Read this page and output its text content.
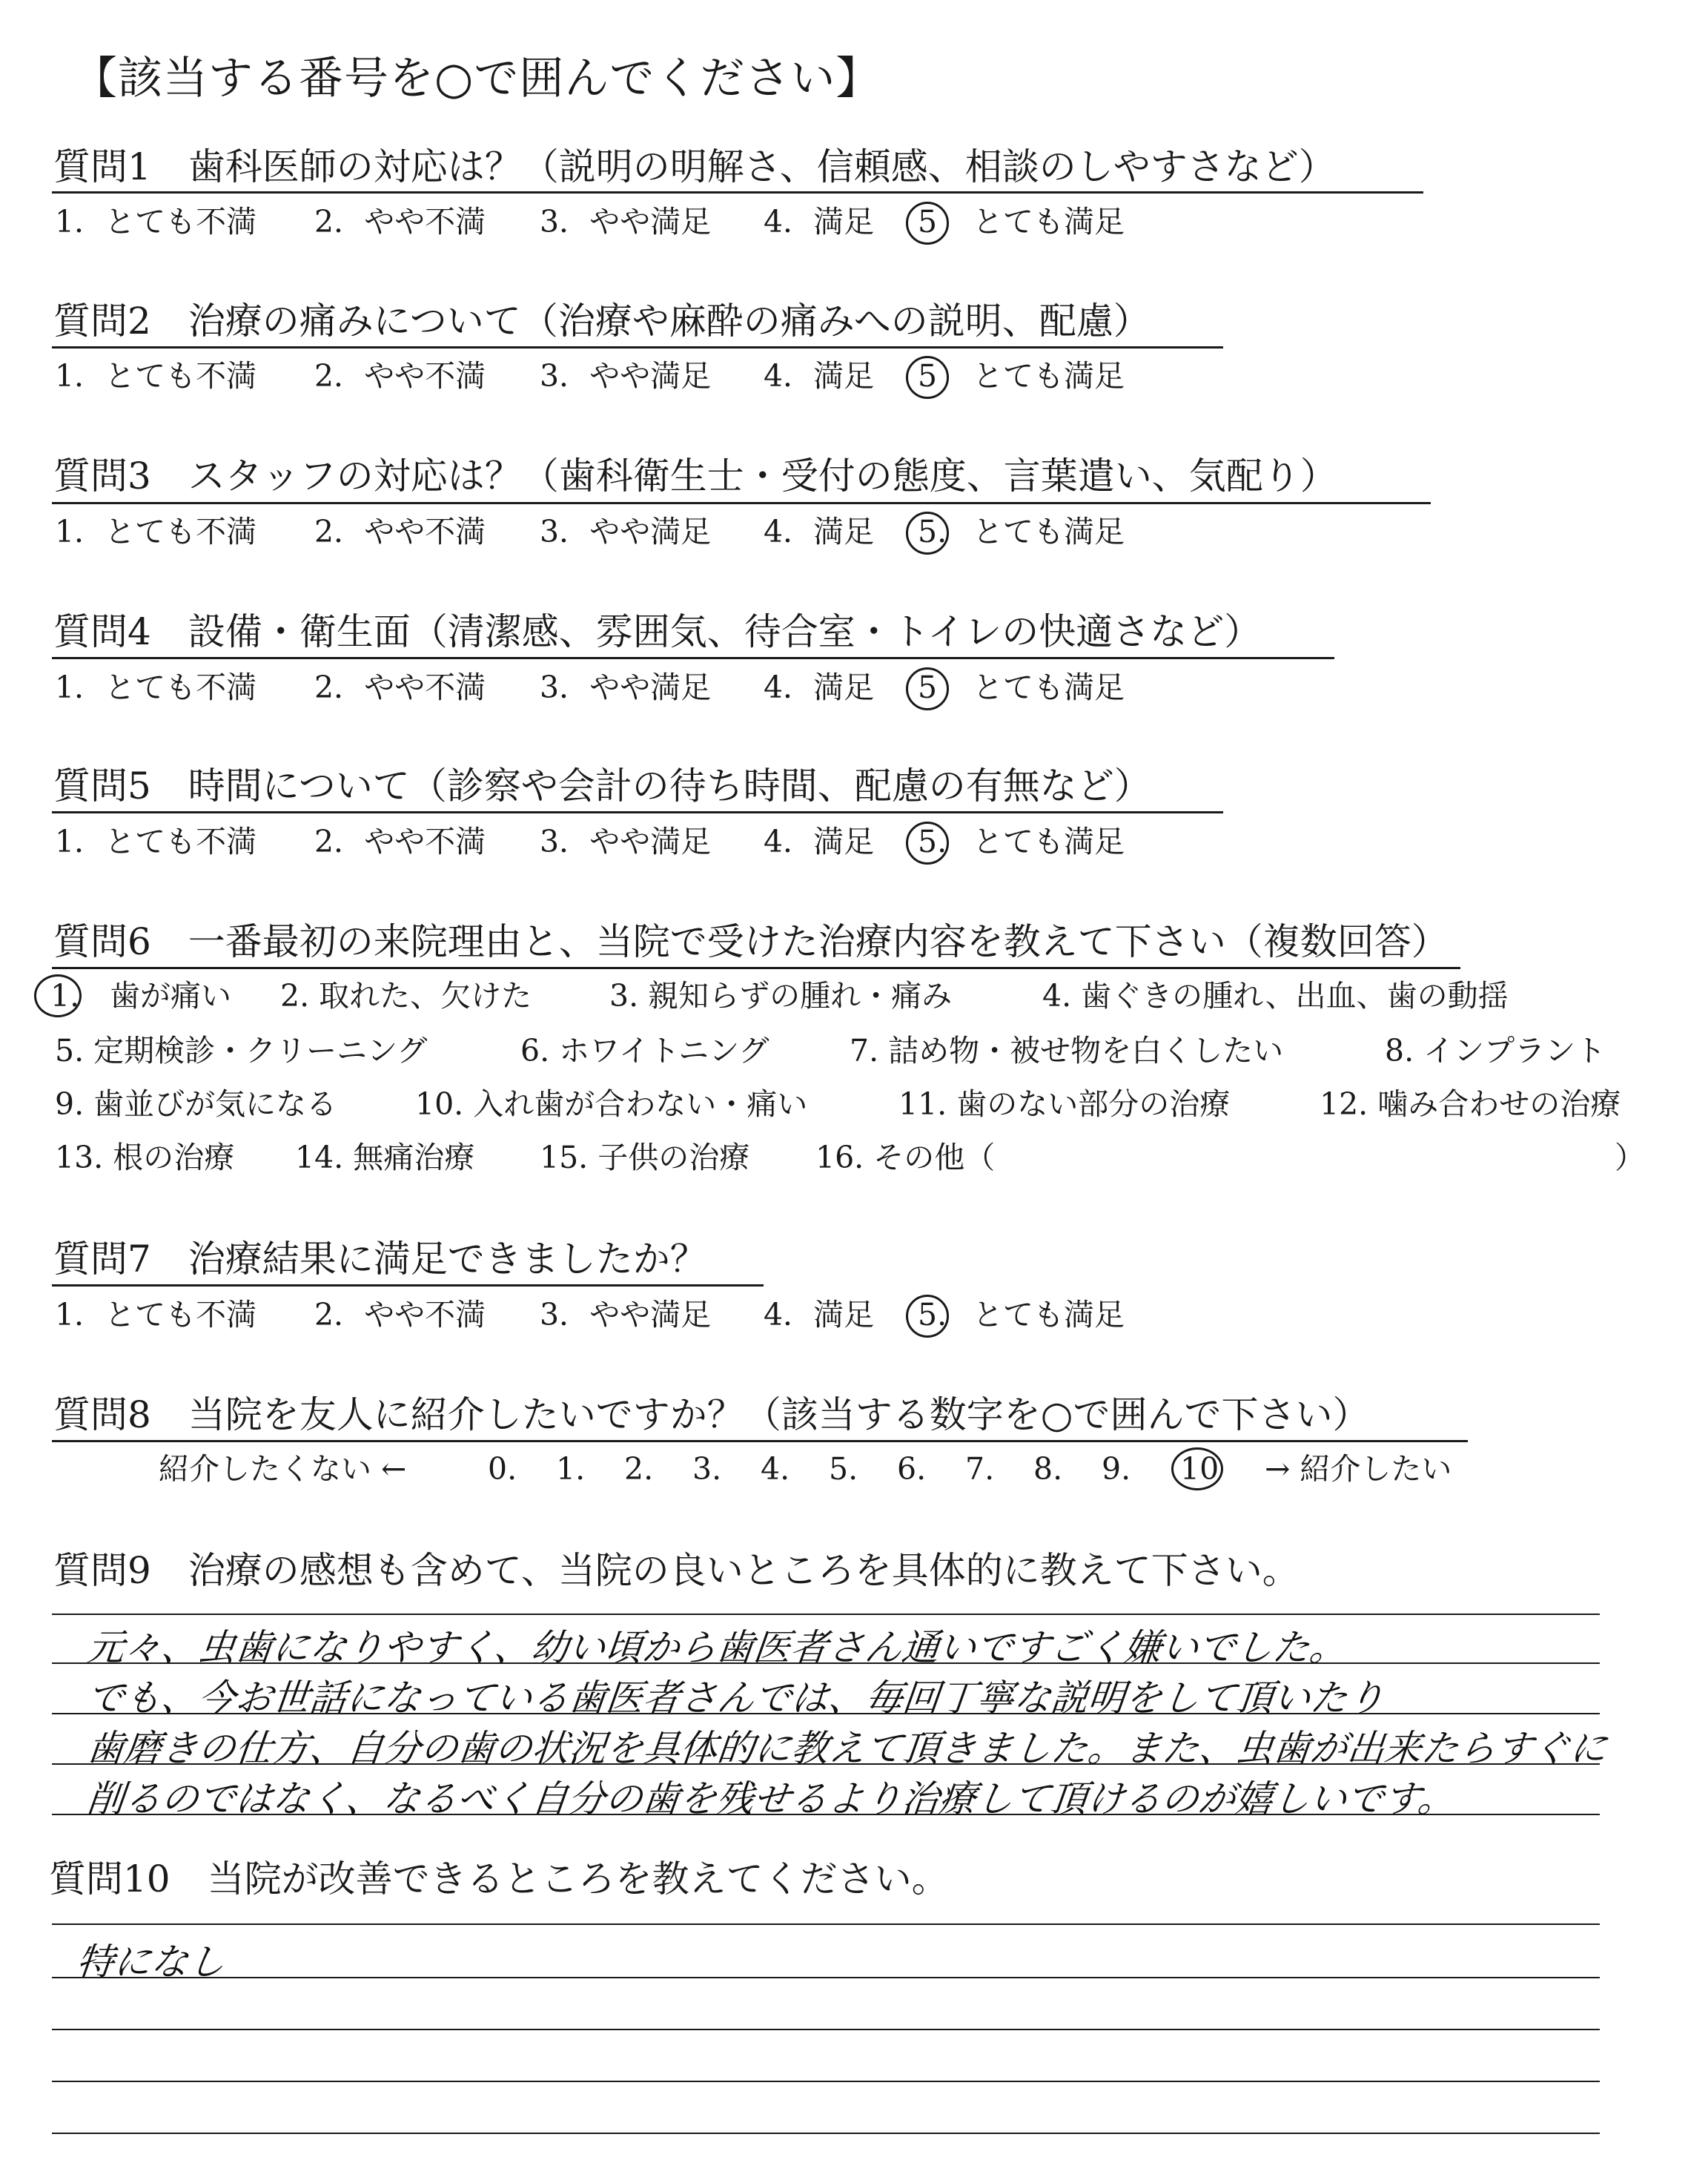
【該当する番号を○で囲んでください】
質問1　歯科医師の対応は？（説明の明解さ、信頼感、相談のしやすさなど）
1．とても不満 2．やや不満 3．やや満足 4．満足 5 とても満足
質問2　治療の痛みについて（治療や麻酔の痛みへの説明、配慮）
1．とても不満 2．やや不満 3．やや満足 4．満足 5 とても満足
質問3　スタッフの対応は？（歯科衛生士・受付の態度、言葉遣い、気配り）
1．とても不満 2．やや不満 3．やや満足 4．満足 5. とても満足
質問4　設備・衛生面（清潔感、雰囲気、待合室・トイレの快適さなど）
1．とても不満 2．やや不満 3．やや満足 4．満足 5 とても満足
質問5　時間について（診察や会計の待ち時間、配慮の有無など）
1．とても不満 2．やや不満 3．やや満足 4．満足 5. とても満足
質問6　一番最初の来院理由と、当院で受けた治療内容を教えて下さい（複数回答）
1. 歯が痛い 2. 取れた、欠けた	3. 親知らずの腫れ・痛み	4. 歯ぐきの腫れ、出血、歯の動揺
5. 定期検診・クリーニング	6. ホワイトニング	7. 詰め物・被せ物を白くしたい	8. インプラント
9. 歯並びが気になる	10. 入れ歯が合わない・痛い	11. 歯のない部分の治療	12. 噛み合わせの治療
13. 根の治療 14. 無痛治療 15. 子供の治療 16. その他（	）
質問7　治療結果に満足できましたか？
1．とても不満 2．やや不満 3．やや満足 4．満足 5. とても満足
質問8　当院を友人に紹介したいですか？（該当する数字を○で囲んで下さい）
紹介したくない ←	0. 1. 2. 3. 4. 5. 6. 7. 8. 9. 10 → 紹介したい
質問9　治療の感想も含めて、当院の良いところを具体的に教えて下さい。
元々、虫歯になりやすく、幼い頃から歯医者さん通いですごく嫌いでした。
でも、今お世話になっている歯医者さんでは、毎回丁寧な説明をして頂いたり
歯磨きの仕方、自分の歯の状況を具体的に教えて頂きました。また、虫歯が出来たらすぐに
削るのではなく、なるべく自分の歯を残せるより治療して頂けるのが嬉しいです。
質問10　当院が改善できるところを教えてください。
特になし
